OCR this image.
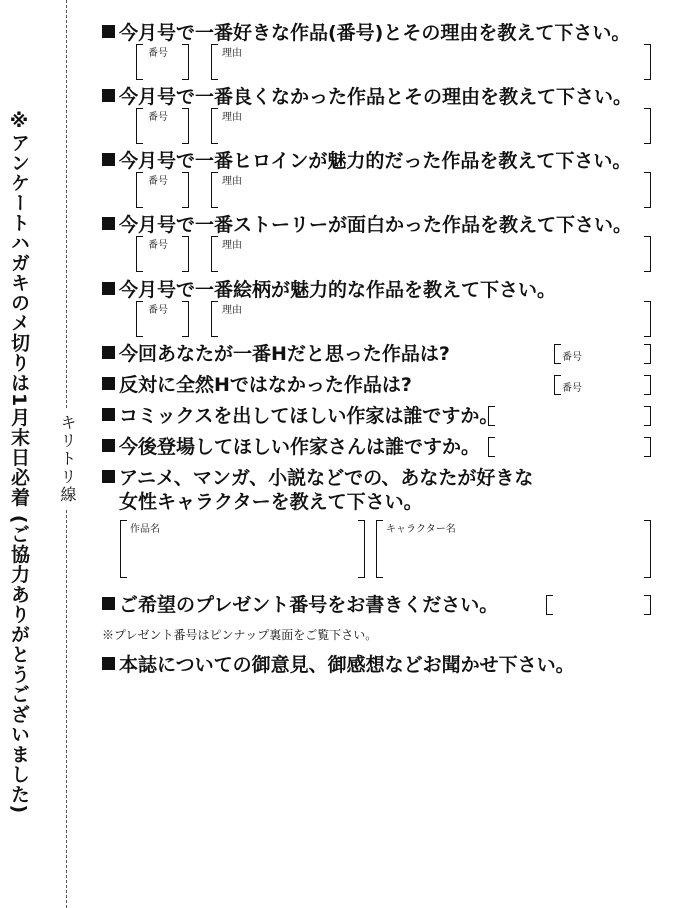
※アンケートハガキのメ切りは1月末日必着 (ご協力ありがとうございました) キリトリ線
今月号で一番好きな作品(番号)とその理由を教えて下さい。
番号	理由
今月号で一番良くなかった作品とその理由を教えて下さい。
番号	理由
今月号で一番ヒロインが魅力的だった作品を教えて下さい。
番号	理由
今月号で一番ストーリーが面白かった作品を教えて下さい。
番号	理由
今月号で一番絵柄が魅力的な作品を教えて下さい。
番号	理由
今回あなたが一番Hだと思った作品は?	番号
反対に全然Hではなかった作品は?	番号
コミックスを出してほしい作家は誰ですか。
今後登場してほしい作家さんは誰ですか。
アニメ、マンガ、小説などでの、あなたが好きな
女性キャラクターを教えて下さい。
作品名	キャラクター名
ご希望のプレゼント番号をお書きください。
※プレゼント番号はピンナップ裏面をご覧下さい。
本誌についての御意見、御感想などお聞かせ下さい。
